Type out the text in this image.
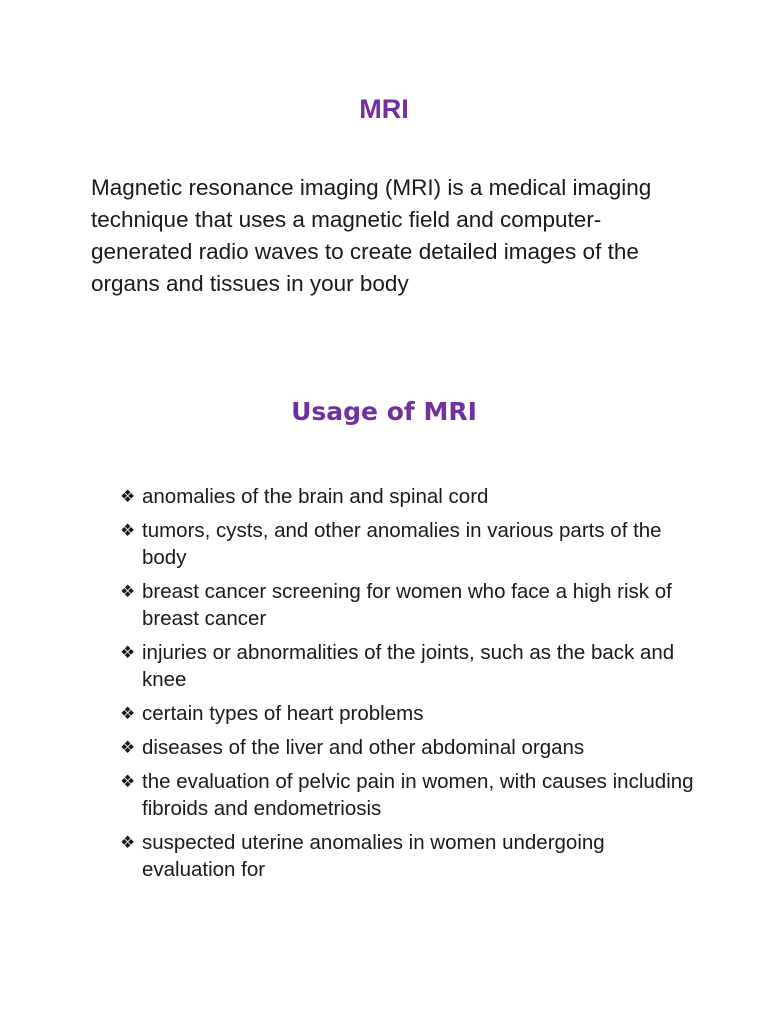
MRI

Magnetic resonance imaging (MRI) is a medical imaging technique that uses a magnetic field and computer-generated radio waves to create detailed images of the organs and tissues in your body

Usage of MRI
❖ anomalies of the brain and spinal cord
❖ tumors, cysts, and other anomalies in various parts of the body
❖ breast cancer screening for women who face a high risk of breast cancer
❖ injuries or abnormalities of the joints, such as the back and knee
❖ certain types of heart problems
❖ diseases of the liver and other abdominal organs
❖ the evaluation of pelvic pain in women, with causes including fibroids and endometriosis
❖ suspected uterine anomalies in women undergoing evaluation for
